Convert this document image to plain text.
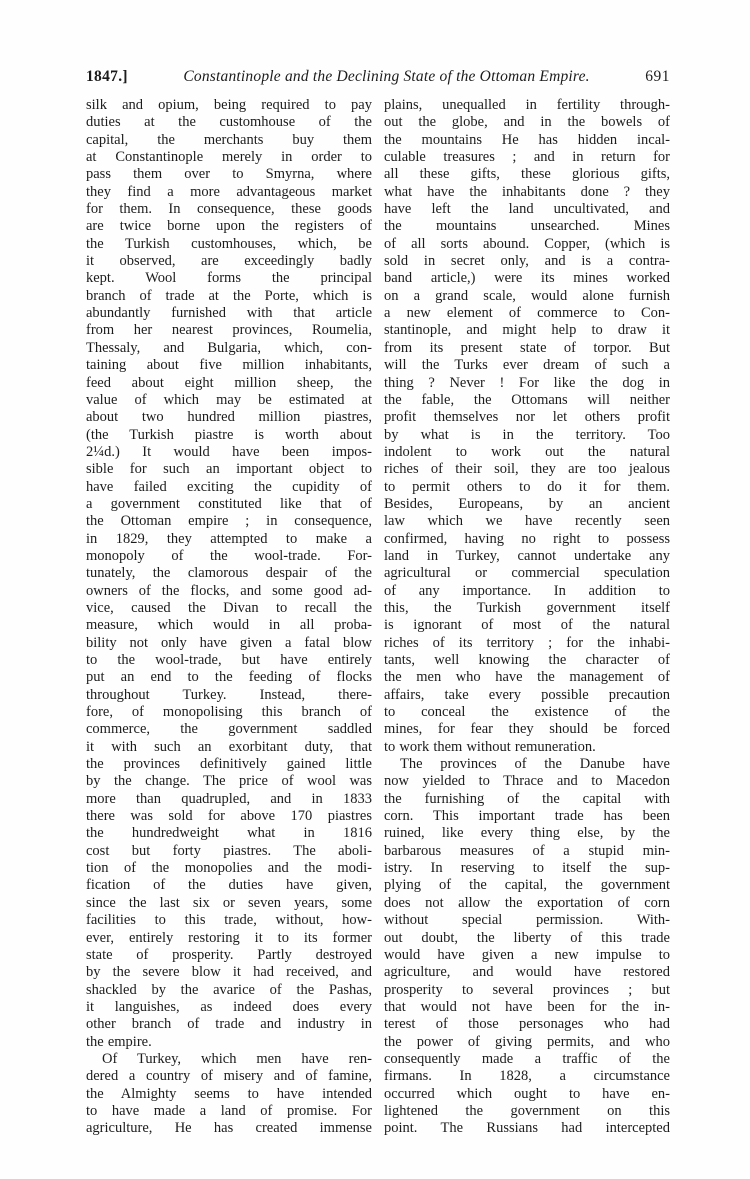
1847.]	Constantinople and the Declining State of the Ottoman Empire.	691
silk and opium, being required to pay
duties at the customhouse of the
capital, the merchants buy them
at Constantinople merely in order to
pass them over to Smyrna, where
they find a more advantageous market
for them. In consequence, these goods
are twice borne upon the registers of
the Turkish customhouses, which, be
it observed, are exceedingly badly
kept. Wool forms the principal
branch of trade at the Porte, which is
abundantly furnished with that article
from her nearest provinces, Roumelia,
Thessaly, and Bulgaria, which, con-
taining about five million inhabitants,
feed about eight million sheep, the
value of which may be estimated at
about two hundred million piastres,
(the Turkish piastre is worth about
2¼d.) It would have been impos-
sible for such an important object to
have failed exciting the cupidity of
a government constituted like that of
the Ottoman empire ; in consequence,
in 1829, they attempted to make a
monopoly of the wool-trade. For-
tunately, the clamorous despair of the
owners of the flocks, and some good ad-
vice, caused the Divan to recall the
measure, which would in all proba-
bility not only have given a fatal blow
to the wool-trade, but have entirely
put an end to the feeding of flocks
throughout Turkey. Instead, there-
fore, of monopolising this branch of
commerce, the government saddled
it with such an exorbitant duty, that
the provinces definitively gained little
by the change. The price of wool was
more than quadrupled, and in 1833
there was sold for above 170 piastres
the hundredweight what in 1816
cost but forty piastres. The aboli-
tion of the monopolies and the modi-
fication of the duties have given,
since the last six or seven years, some
facilities to this trade, without, how-
ever, entirely restoring it to its former
state of prosperity. Partly destroyed
by the severe blow it had received, and
shackled by the avarice of the Pashas,
it languishes, as indeed does every
other branch of trade and industry in
the empire.
Of Turkey, which men have ren-
dered a country of misery and of famine,
the Almighty seems to have intended
to have made a land of promise. For
agriculture, He has created immense
plains, unequalled in fertility through-
out the globe, and in the bowels of
the mountains He has hidden incal-
culable treasures ; and in return for
all these gifts, these glorious gifts,
what have the inhabitants done ? they
have left the land uncultivated, and
the mountains unsearched. Mines
of all sorts abound. Copper, (which is
sold in secret only, and is a contra-
band article,) were its mines worked
on a grand scale, would alone furnish
a new element of commerce to Con-
stantinople, and might help to draw it
from its present state of torpor. But
will the Turks ever dream of such a
thing ? Never ! For like the dog in
the fable, the Ottomans will neither
profit themselves nor let others profit
by what is in the territory. Too
indolent to work out the natural
riches of their soil, they are too jealous
to permit others to do it for them.
Besides, Europeans, by an ancient
law which we have recently seen
confirmed, having no right to possess
land in Turkey, cannot undertake any
agricultural or commercial speculation
of any importance. In addition to
this, the Turkish government itself
is ignorant of most of the natural
riches of its territory ; for the inhabi-
tants, well knowing the character of
the men who have the management of
affairs, take every possible precaution
to conceal the existence of the
mines, for fear they should be forced
to work them without remuneration.
The provinces of the Danube have
now yielded to Thrace and to Macedon
the furnishing of the capital with
corn. This important trade has been
ruined, like every thing else, by the
barbarous measures of a stupid min-
istry. In reserving to itself the sup-
plying of the capital, the government
does not allow the exportation of corn
without special permission. With-
out doubt, the liberty of this trade
would have given a new impulse to
agriculture, and would have restored
prosperity to several provinces ; but
that would not have been for the in-
terest of those personages who had
the power of giving permits, and who
consequently made a traffic of the
firmans. In 1828, a circumstance
occurred which ought to have en-
lightened the government on this
point. The Russians had intercepted
